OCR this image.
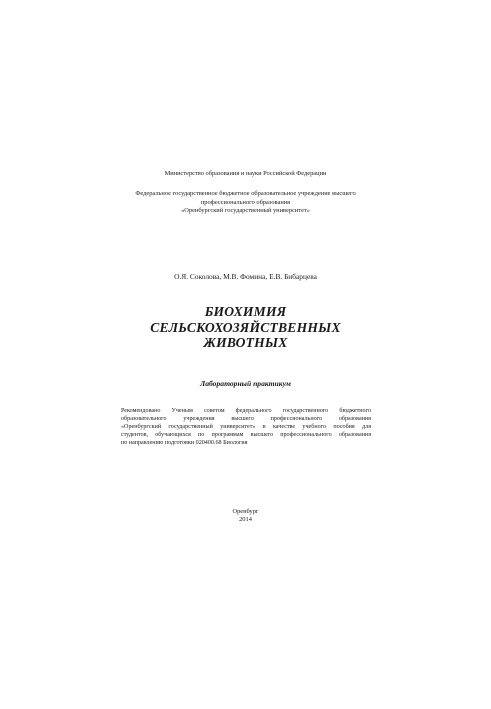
Министерство образования и науки Российской Федерации
Федеральное государственное бюджетное образовательное учреждение высшего
профессионального образования
«Оренбургский государственный университет»
О.Я. Соколова, М.В. Фомина, Е.В. Бибарцева
БИОХИМИЯ
СЕЛЬСКОХОЗЯЙСТВЕННЫХ
ЖИВОТНЫХ
Лабораторный практикум
Рекомендовано Ученым советом федерального государственного бюджетного
образовательного учреждения высшего профессионального образования
«Оренбургский государственный университет» в качестве учебного пособия для
студентов, обучающихся по программам высшего профессионального образования
по направлению подготовки 020400.68 Биология
Оренбург
2014
